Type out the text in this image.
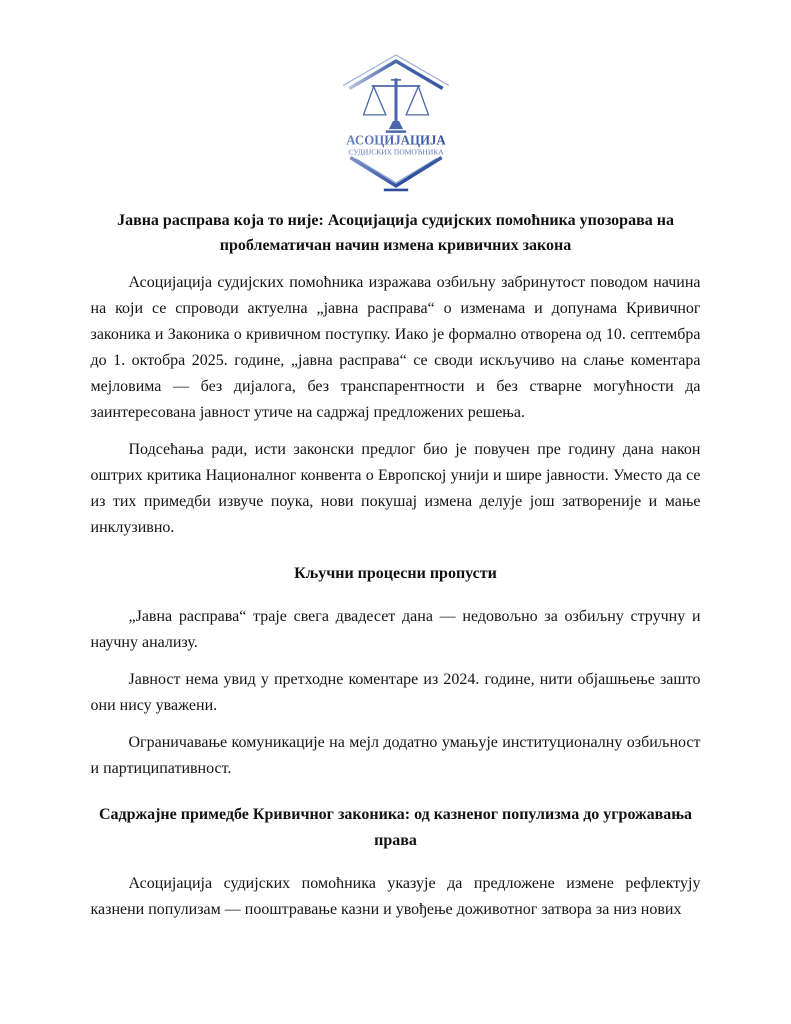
АСОЦИЈАЦИЈА
СУДИЈСКИХ ПОМОЋНИКА
Јавна расправа која то није: Асоцијација судијских помоћника упозорава на проблематичан начин измена кривичних закона

Асоцијација судијских помоћника изражава озбиљну забринутост поводом начина на који се спроводи актуелна „јавна расправа“ о изменама и допунама Кривичног законика и Законика о кривичном поступку. Иако је формално отворена од 10. септембра до 1. октобра 2025. године, „јавна расправа“ се своди искључиво на слање коментара мејловима — без дијалога, без транспарентности и без стварне могућности да заинтересована јавност утиче на садржај предложених решења.

Подсећања ради, исти законски предлог био је повучен пре годину дана након оштрих критика Националног конвента о Европској унији и шире јавности. Уместо да се из тих примедби извуче поука, нови покушај измена делује још затвореније и мање инклузивно.

Кључни процесни пропусти

„Јавна расправа“ траје свега двадесет дана — недовољно за озбиљну стручну и научну анализу.

Јавност нема увид у претходне коментаре из 2024. године, нити објашњење зашто они нису уважени.

Ограничавање комуникације на мејл додатно умањује институционалну озбиљност и партиципативност.

Садржајне примедбе Кривичног законика: од казненог популизма до угрожавања права

Асоцијација судијских помоћника указује да предложене измене рефлектују казнени популизам — пооштравање казни и увођење доживотног затвора за низ нових
